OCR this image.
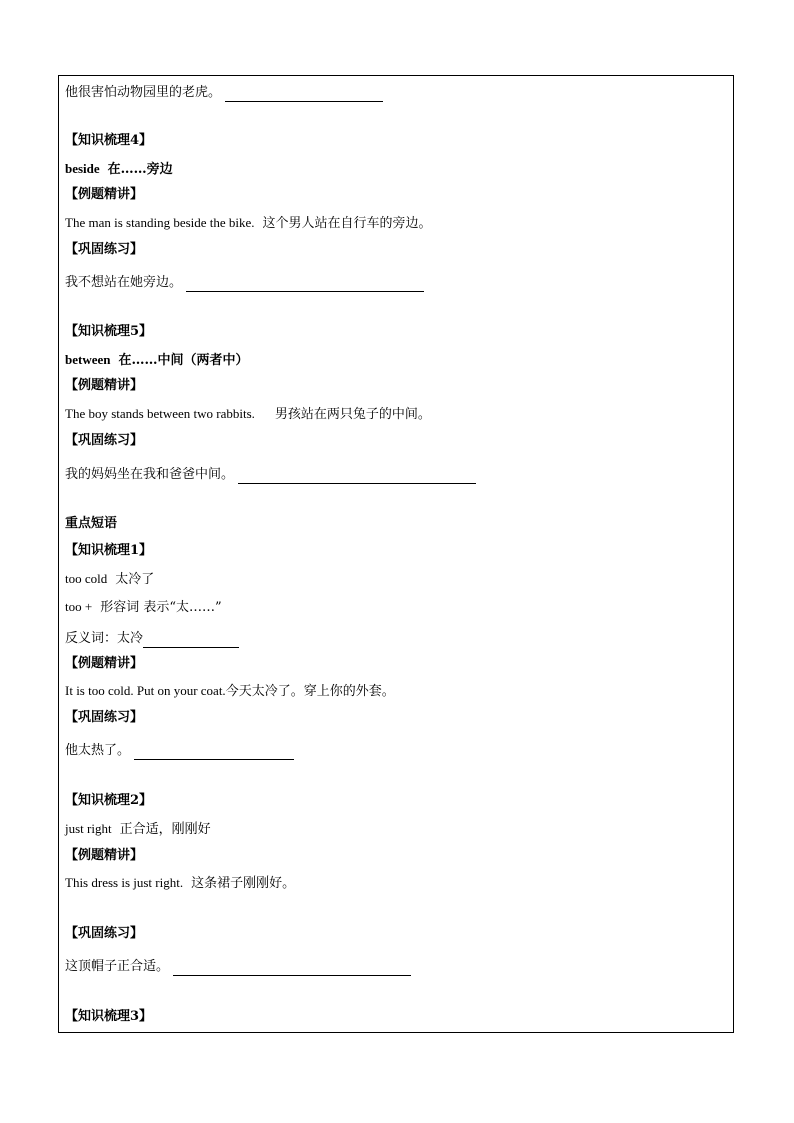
他很害怕动物园里的老虎。
【知识梳理4】
beside 在……旁边
【例题精讲】
The man is standing beside the bike. 这个男人站在自行车的旁边。
【巩固练习】
我不想站在她旁边。
【知识梳理5】
between 在……中间（两者中）
【例题精讲】
The boy stands between two rabbits. 男孩站在两只兔子的中间。
【巩固练习】
我的妈妈坐在我和爸爸中间。
重点短语
【知识梳理1】
too cold 太冷了
too + 形容词 表示“太……”
反义词：太冷
【例题精讲】
It is too cold. Put on your coat.今天太冷了。穿上你的外套。
【巩固练习】
他太热了。
【知识梳理2】
just right 正合适，刚刚好
【例题精讲】
This dress is just right. 这条裙子刚刚好。
【巩固练习】
这顶帽子正合适。
【知识梳理3】
